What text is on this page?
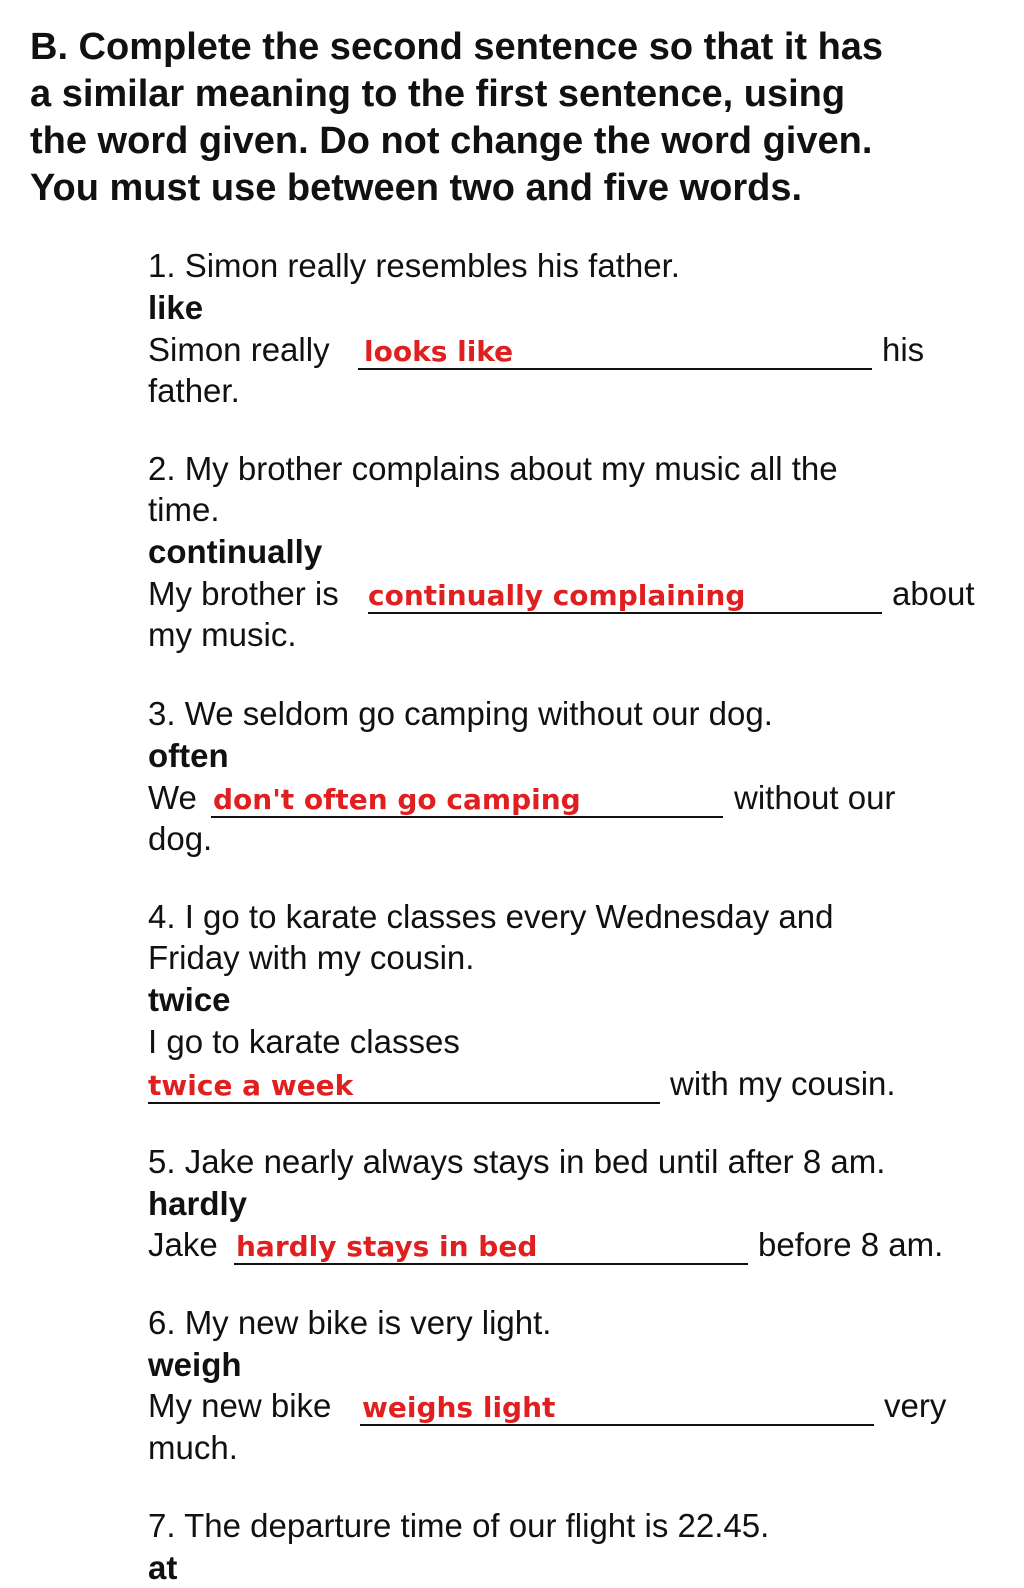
B. Complete the second sentence so that it has
a similar meaning to the first sentence, using
the word given. Do not change the word given.
You must use between two and five words.
1. Simon really resembles his father.
like
Simon really looks like	his
father.
2. My brother complains about my music all the
time.
continually
My brother is continually complaining	about
my music.
3. We seldom go camping without our dog.
often
We don't often go camping	without our
dog.
4. I go to karate classes every Wednesday and
Friday with my cousin.
twice
I go to karate classes
twice a week	with my cousin.
5. Jake nearly always stays in bed until after 8 am.
hardly
Jake hardly stays in bed	before 8 am.
6. My new bike is very light.
weigh
My new bike weighs light	very
much.
7. The departure time of our flight is 22.45.
at
